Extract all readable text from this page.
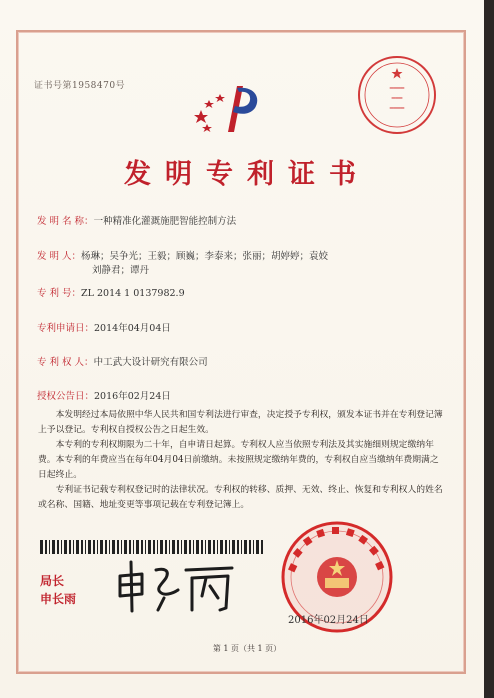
证书号第1958470号	━━━━
━━━
━━━━
发明专利证书
发 明 名 称：一种精准化灌溉施肥智能控制方法
发 明 人：杨琳；吴争光；王毅；顾巍；李泰来；张丽；胡婷婷；袁姣
刘静君；谭丹
专 利 号：ZL 2014 1 0137982.9
专利申请日：2014年04月04日
专 利 权 人：中工武大设计研究有限公司
授权公告日：2016年02月24日

本发明经过本局依照中华人民共和国专利法进行审查，决定授予专利权，颁发本证书并在专利登记簿上予以登记。专利权自授权公告之日起生效。

本专利的专利权期限为二十年，自申请日起算。专利权人应当依照专利法及其实施细则规定缴纳年费。本专利的年费应当在每年04月04日前缴纳。未按照规定缴纳年费的，专利权自应当缴纳年费期满之日起终止。

专利证书记载专利权登记时的法律状况。专利权的转移、质押、无效、终止、恢复和专利权人的姓名或名称、国籍、地址变更等事项记载在专利登记簿上。

局长
申长雨
2016年02月24日
第 1 页（共 1 页）
